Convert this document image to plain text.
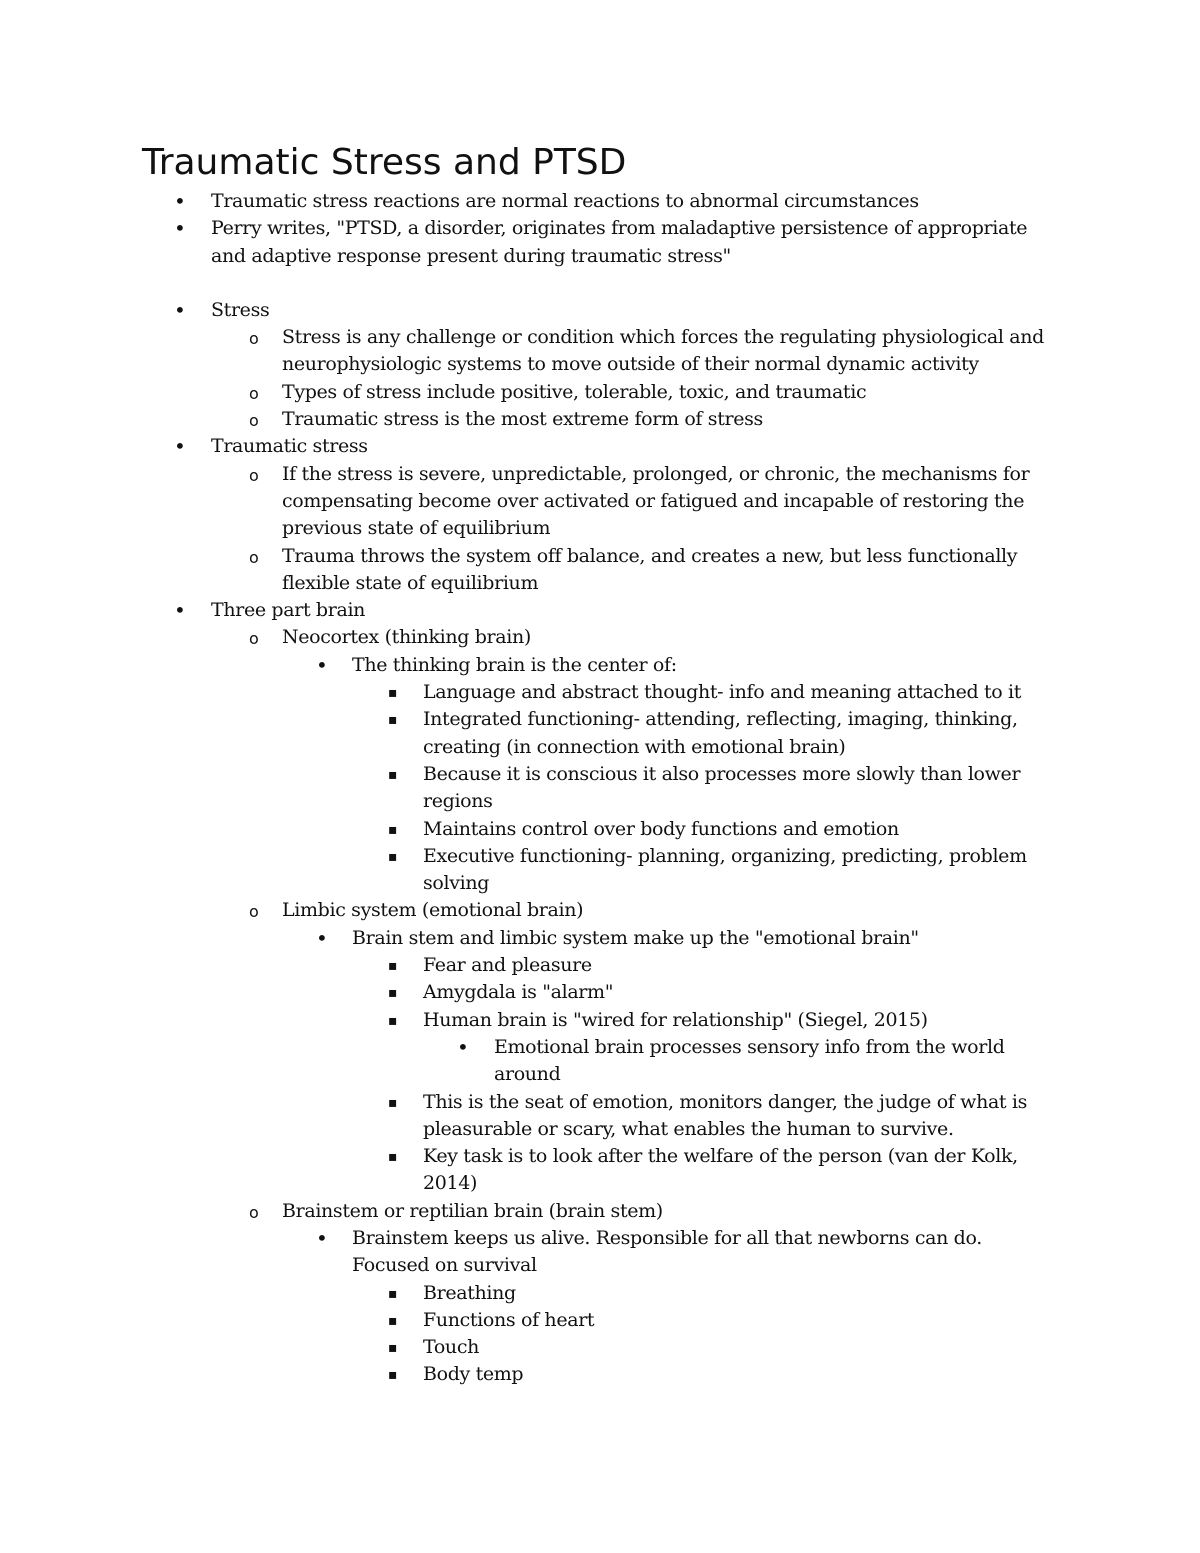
Traumatic Stress and PTSD
• Traumatic stress reactions are normal reactions to abnormal circumstances
• Perry writes, "PTSD, a disorder, originates from maladaptive persistence of appropriate and adaptive response present during traumatic stress"
• Stress
o Stress is any challenge or condition which forces the regulating physiological and neurophysiologic systems to move outside of their normal dynamic activity
o Types of stress include positive, tolerable, toxic, and traumatic
o Traumatic stress is the most extreme form of stress
• Traumatic stress
o If the stress is severe, unpredictable, prolonged, or chronic, the mechanisms for compensating become over activated or fatigued and incapable of restoring the previous state of equilibrium
o Trauma throws the system off balance, and creates a new, but less functionally flexible state of equilibrium
• Three part brain
o Neocortex (thinking brain)
• The thinking brain is the center of:
▪ Language and abstract thought- info and meaning attached to it
▪ Integrated functioning- attending, reflecting, imaging, thinking, creating (in connection with emotional brain)
▪ Because it is conscious it also processes more slowly than lower regions
▪ Maintains control over body functions and emotion
▪ Executive functioning- planning, organizing, predicting, problem solving
o Limbic system (emotional brain)
• Brain stem and limbic system make up the "emotional brain"
▪ Fear and pleasure
▪ Amygdala is "alarm"
▪ Human brain is "wired for relationship" (Siegel, 2015)
• Emotional brain processes sensory info from the world around
▪ This is the seat of emotion, monitors danger, the judge of what is pleasurable or scary, what enables the human to survive.
▪ Key task is to look after the welfare of the person (van der Kolk, 2014)
o Brainstem or reptilian brain (brain stem)
• Brainstem keeps us alive. Responsible for all that newborns can do. Focused on survival
▪ Breathing
▪ Functions of heart
▪ Touch
▪ Body temp
